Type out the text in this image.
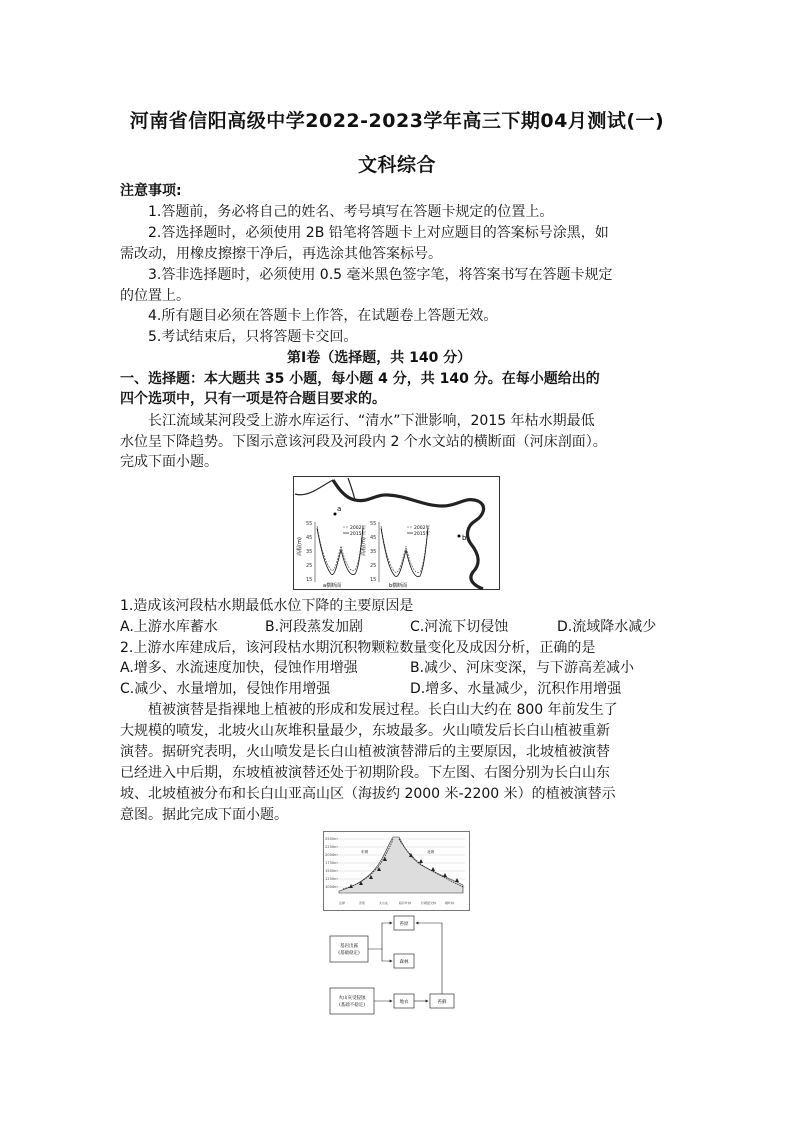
河南省信阳高级中学2022-2023学年高三下期04月测试(一)
文科综合
注意事项:
1.答题前，务必将自己的姓名、考号填写在答题卡规定的位置上。
2.答选择题时，必须使用 2B 铅笔将答题卡上对应题目的答案标号涂黑，如
需改动，用橡皮擦擦干净后，再选涂其他答案标号。
3.答非选择题时，必须使用 0.5 毫米黑色签字笔，将答案书写在答题卡规定
的位置上。
4.所有题目必须在答题卡上作答，在试题卷上答题无效。
5.考试结束后，只将答题卡交回。
第Ⅰ卷（选择题，共 140 分）
一、选择题：本大题共 35 小题，每小题 4 分，共 140 分。在每小题给出的
四个选项中，只有一项是符合题目要求的。
长江流域某河段受上游水库运行、“清水”下泄影响，2015 年枯水期最低
水位呈下降趋势。下图示意该河段及河段内 2 个水文站的横断面（河床剖面）。
完成下面小题。
a
b
55
45
35
25
15
高程(m)
2002年
2015年
a横断面
55
45
35
25
15
高程(m)
2002年
2015年
b横断面
1.造成该河段枯水期最低水位下降的主要原因是
A.上游水库蓄水	B.河段蒸发加剧	C.河流下切侵蚀	D.流域降水减少
2.上游水库建成后，该河段枯水期沉积物颗粒数量变化及成因分析，正确的是
A.增多、水流速度加快，侵蚀作用增强	B.减少、河床变深，与下游高差减小
C.减少、水量增加，侵蚀作用增强	D.增多、水量减少，沉积作用增强
植被演替是指裸地上植被的形成和发展过程。长白山大约在 800 年前发生了
大规模的喷发，北坡火山灰堆积量最少，东坡最多。火山喷发后长白山植被重新
演替。据研究表明，火山喷发是长白山植被演替滞后的主要原因，北坡植被演替
已经进入中后期，东坡植被演替还处于初期阶段。下左图、右图分别为长白山东
坡、北坡植被分布和长白山亚高山区（海拔约 2000 米-2200 米）的植被演替示
意图。据此完成下面小题。
2500m
2250m
2000m
1750m
1500m
1250m
1000m
东坡	北坡
岳桦	苔原	火山灰	暗针叶林	针阔混交林	阔叶林
苔原
基岩出露
(基础稳定)
森林
火山灰受侵蚀
(基础不稳定)
地衣	苔藓
